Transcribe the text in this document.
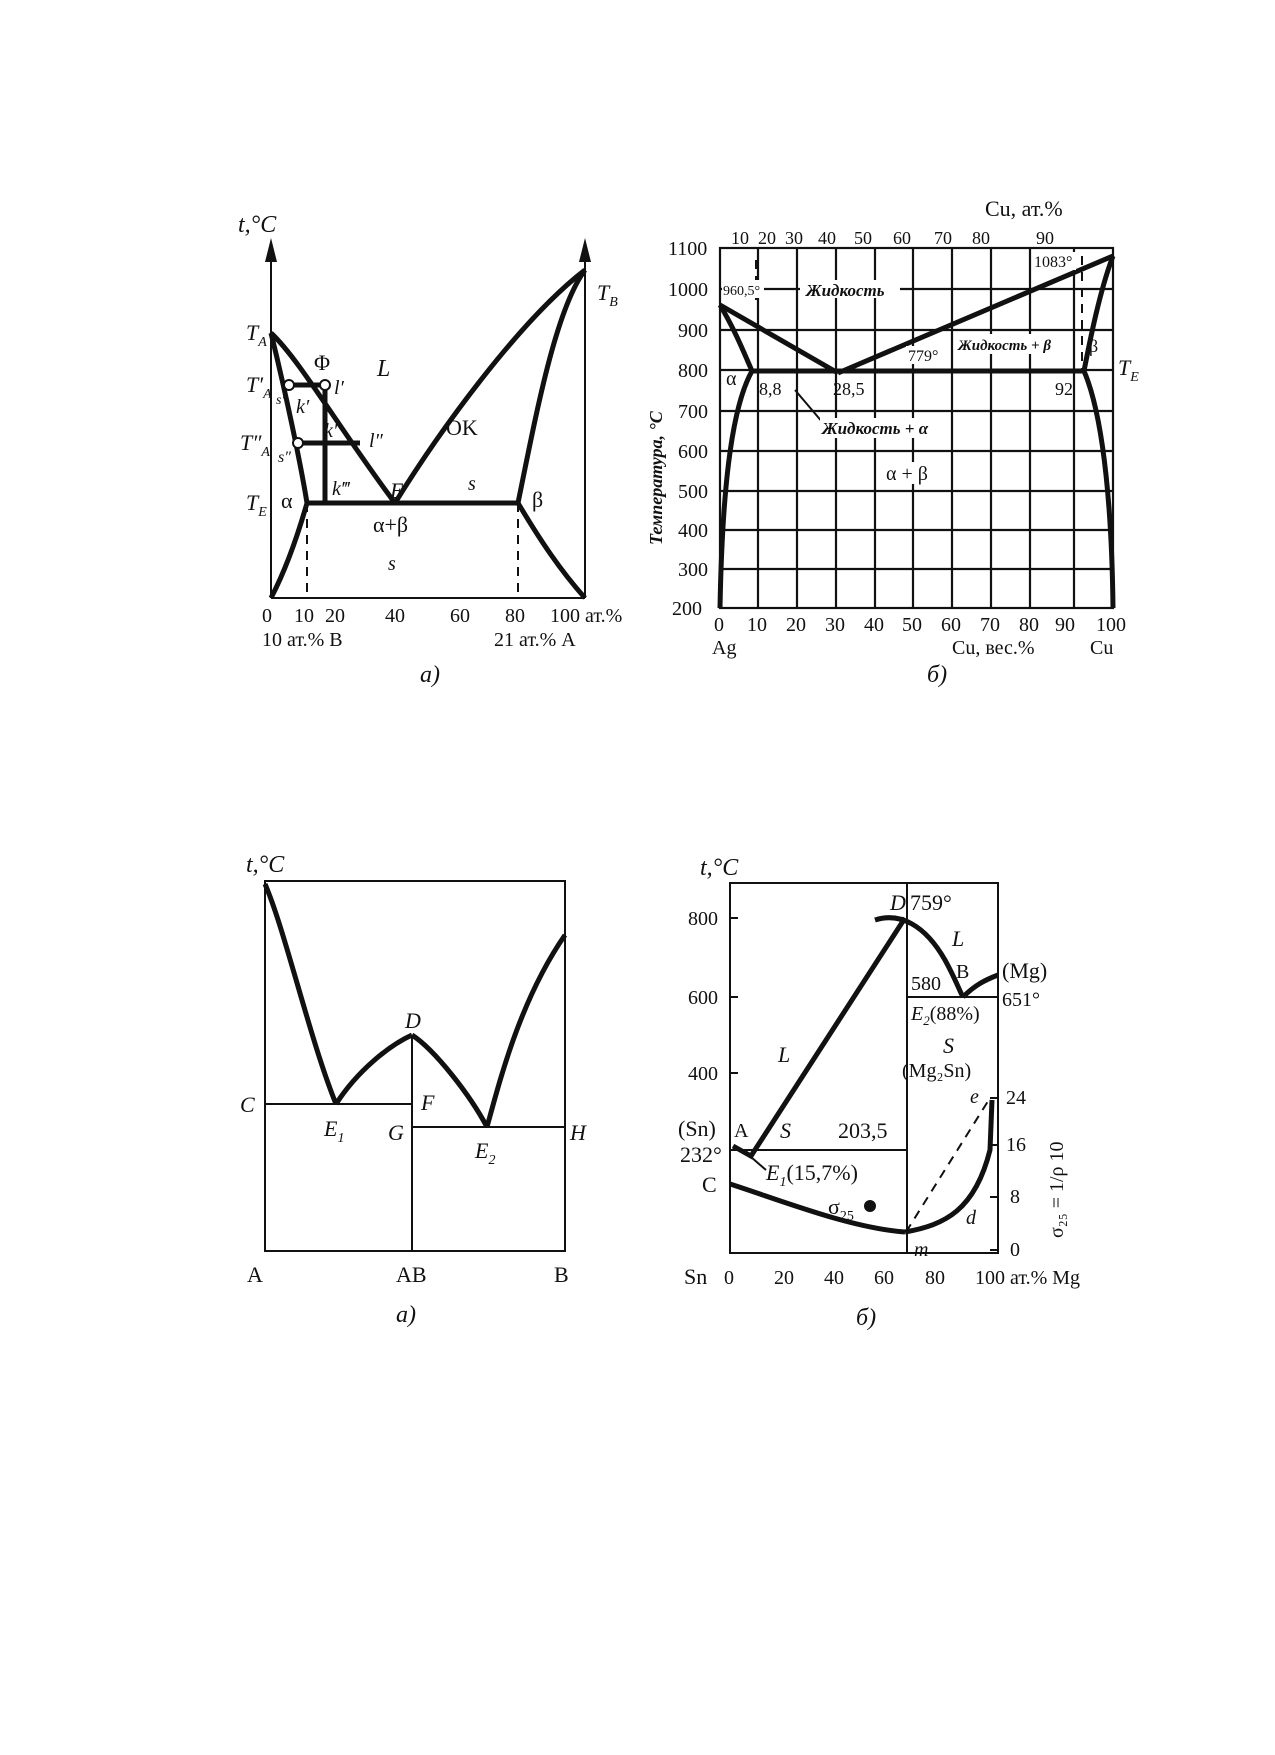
t,°C
$T_A$
$T'_A$
$T''_A$
$T_E$
$T_B$
Φ L
l′
k′
s′
k″ l″
s″
k‴ E
OK
s
α	β
α+β
s
0 10 20 40 60 80 100 ат.%
10 ат.% B	21 ат.% A
а)
Cu, ат.%
10 20 30 40 50 60 70 80	90
1100
1000
900
800
700
600
500
400
300
200
Температура, °C
0 10 20 30 40 50 60 70 80 90 100
Ag	Cu, вес.%	Cu
960,5°	Жидкость
1083°
Жидкость + β β
779°
α 8,8	28,5	92
$T_E$
Жидкость + α
α + β
б)
t,°C
C
$E_1$
D
F
G
$E_2$
H
A	AB	B
а)
t,°C
800
600
400
D 759°
L
B
580
(Mg)
651°
$E_2(88\%)$
S
(Mg₂Sn)
L
e
(Sn) A S 203,5
232°
$E_1(15,7\%)$
C
$\sigma_{25}$	d
m
24
16
8
0
σ₂₅ = 1/ρ 10
Sn 0 20 40 60 80 100 ат.% Mg
б)
